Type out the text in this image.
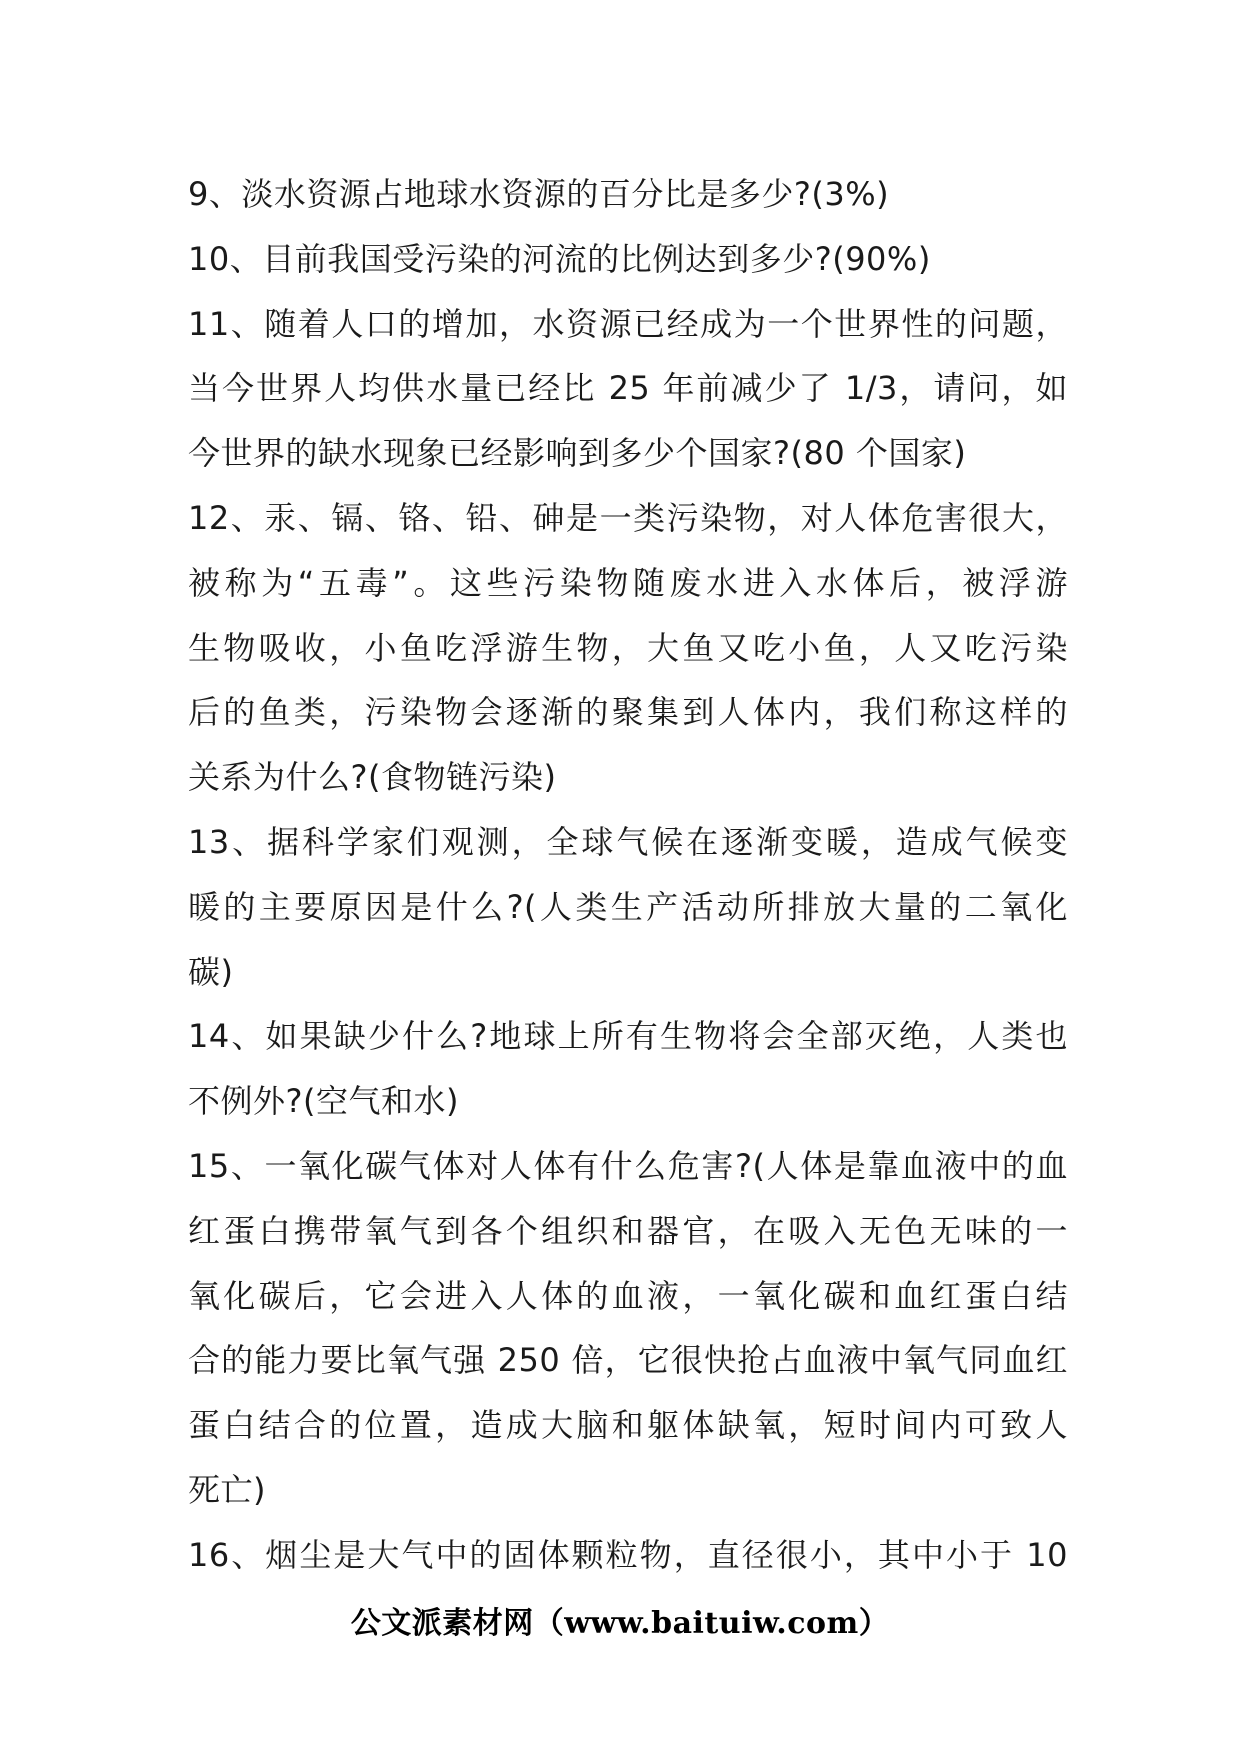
9、淡水资源占地球水资源的百分比是多少?(3%)
10、目前我国受污染的河流的比例达到多少?(90%)
11、随着人口的增加，水资源已经成为一个世界性的问题，
当今世界人均供水量已经比 25 年前减少了 1/3，请问，如
今世界的缺水现象已经影响到多少个国家?(80 个国家)
12、汞、镉、铬、铅、砷是一类污染物，对人体危害很大，
被称为“五毒”。这些污染物随废水进入水体后，被浮游
生物吸收，小鱼吃浮游生物，大鱼又吃小鱼，人又吃污染
后的鱼类，污染物会逐渐的聚集到人体内，我们称这样的
关系为什么?(食物链污染)
13、据科学家们观测，全球气候在逐渐变暖，造成气候变
暖的主要原因是什么?(人类生产活动所排放大量的二氧化
碳)
14、如果缺少什么?地球上所有生物将会全部灭绝，人类也
不例外?(空气和水)
15、一氧化碳气体对人体有什么危害?(人体是靠血液中的血
红蛋白携带氧气到各个组织和器官，在吸入无色无味的一
氧化碳后，它会进入人体的血液，一氧化碳和血红蛋白结
合的能力要比氧气强 250 倍，它很快抢占血液中氧气同血红
蛋白结合的位置，造成大脑和躯体缺氧，短时间内可致人
死亡)
16、烟尘是大气中的固体颗粒物，直径很小，其中小于 10
公文派素材网（www.baituiw.com）
